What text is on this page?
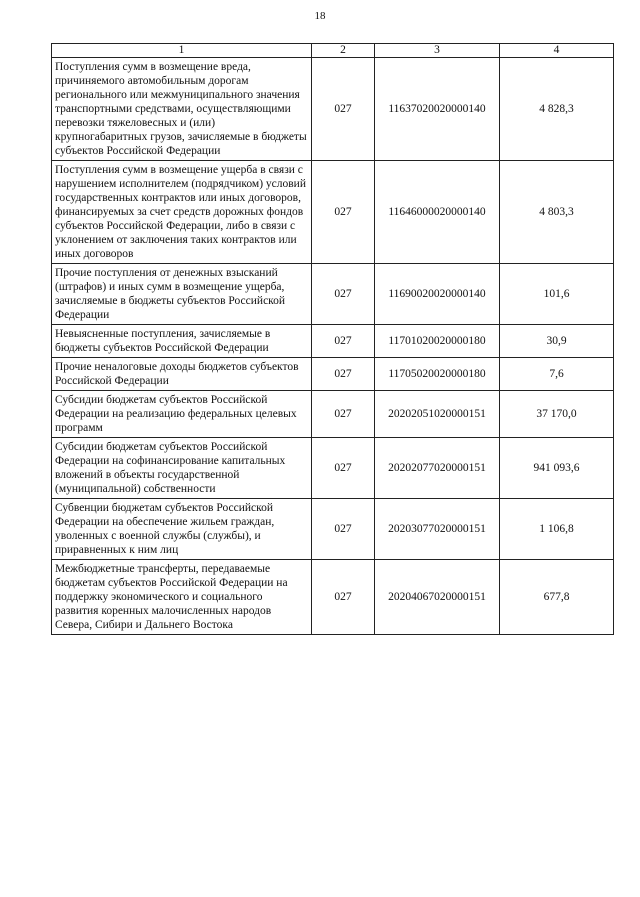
18
1	2	3	4
Поступления сумм в возмещение вреда, причиняемого автомобильным дорогам регионального или межмуниципального значения транспортными средствами, осуществляющими перевозки тяжеловесных и (или) крупногабаритных грузов, зачисляемые в бюджеты субъектов Российской Федерации	027	11637020020000140	4 828,3
Поступления сумм в возмещение ущерба в связи с нарушением исполнителем (подрядчиком) условий государственных контрактов или иных договоров, финансируемых за счет средств дорожных фондов субъектов Российской Федерации, либо в связи с уклонением от заключения таких контрактов или иных договоров	027	11646000020000140	4 803,3
Прочие поступления от денежных взысканий (штрафов) и иных сумм в возмещение ущерба, зачисляемые в бюджеты субъектов Российской Федерации	027	11690020020000140	101,6
Невыясненные поступления, зачисляемые в бюджеты субъектов Российской Федерации	027	11701020020000180	30,9
Прочие неналоговые доходы бюджетов субъектов Российской Федерации	027	11705020020000180	7,6
Субсидии бюджетам субъектов Российской Федерации на реализацию федеральных целевых программ	027	20202051020000151	37 170,0
Субсидии бюджетам субъектов Российской Федерации на софинансирование капитальных вложений в объекты государственной (муниципальной) собственности	027	20202077020000151	941 093,6
Субвенции бюджетам субъектов Российской Федерации на обеспечение жильем граждан, уволенных с военной службы (службы), и приравненных к ним лиц	027	20203077020000151	1 106,8
Межбюджетные трансферты, передаваемые бюджетам субъектов Российской Федерации на поддержку экономического и социального развития коренных малочисленных народов Севера, Сибири и Дальнего Востока	027	20204067020000151	677,8
